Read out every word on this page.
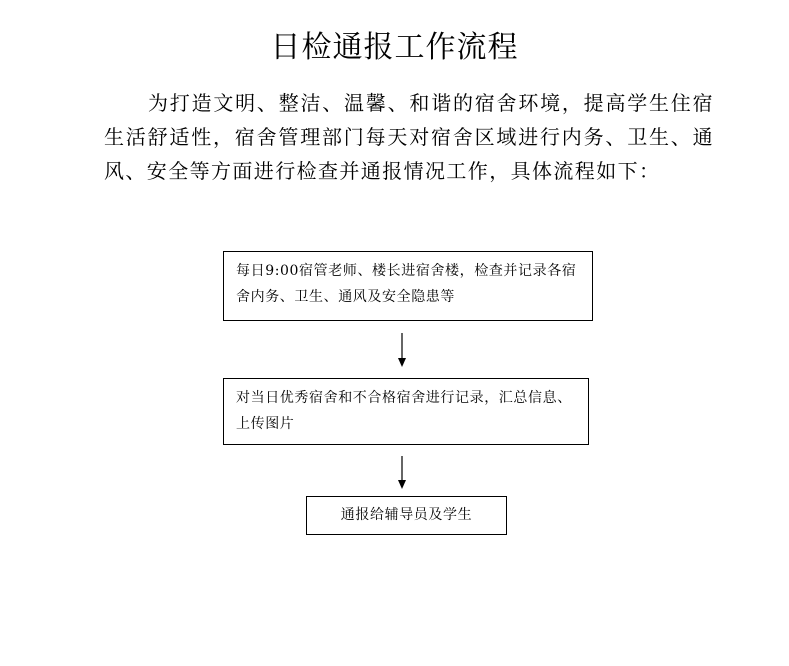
日检通报工作流程

为打造文明、整洁、温馨、和谐的宿舍环境，提高学生住宿生活舒适性，宿舍管理部门每天对宿舍区域进行内务、卫生、通风、安全等方面进行检查并通报情况工作，具体流程如下：

每日9:00宿管老师、楼长进宿舍楼，检查并记录各宿舍内务、卫生、通风及安全隐患等
对当日优秀宿舍和不合格宿舍进行记录，汇总信息、上传图片
通报给辅导员及学生
